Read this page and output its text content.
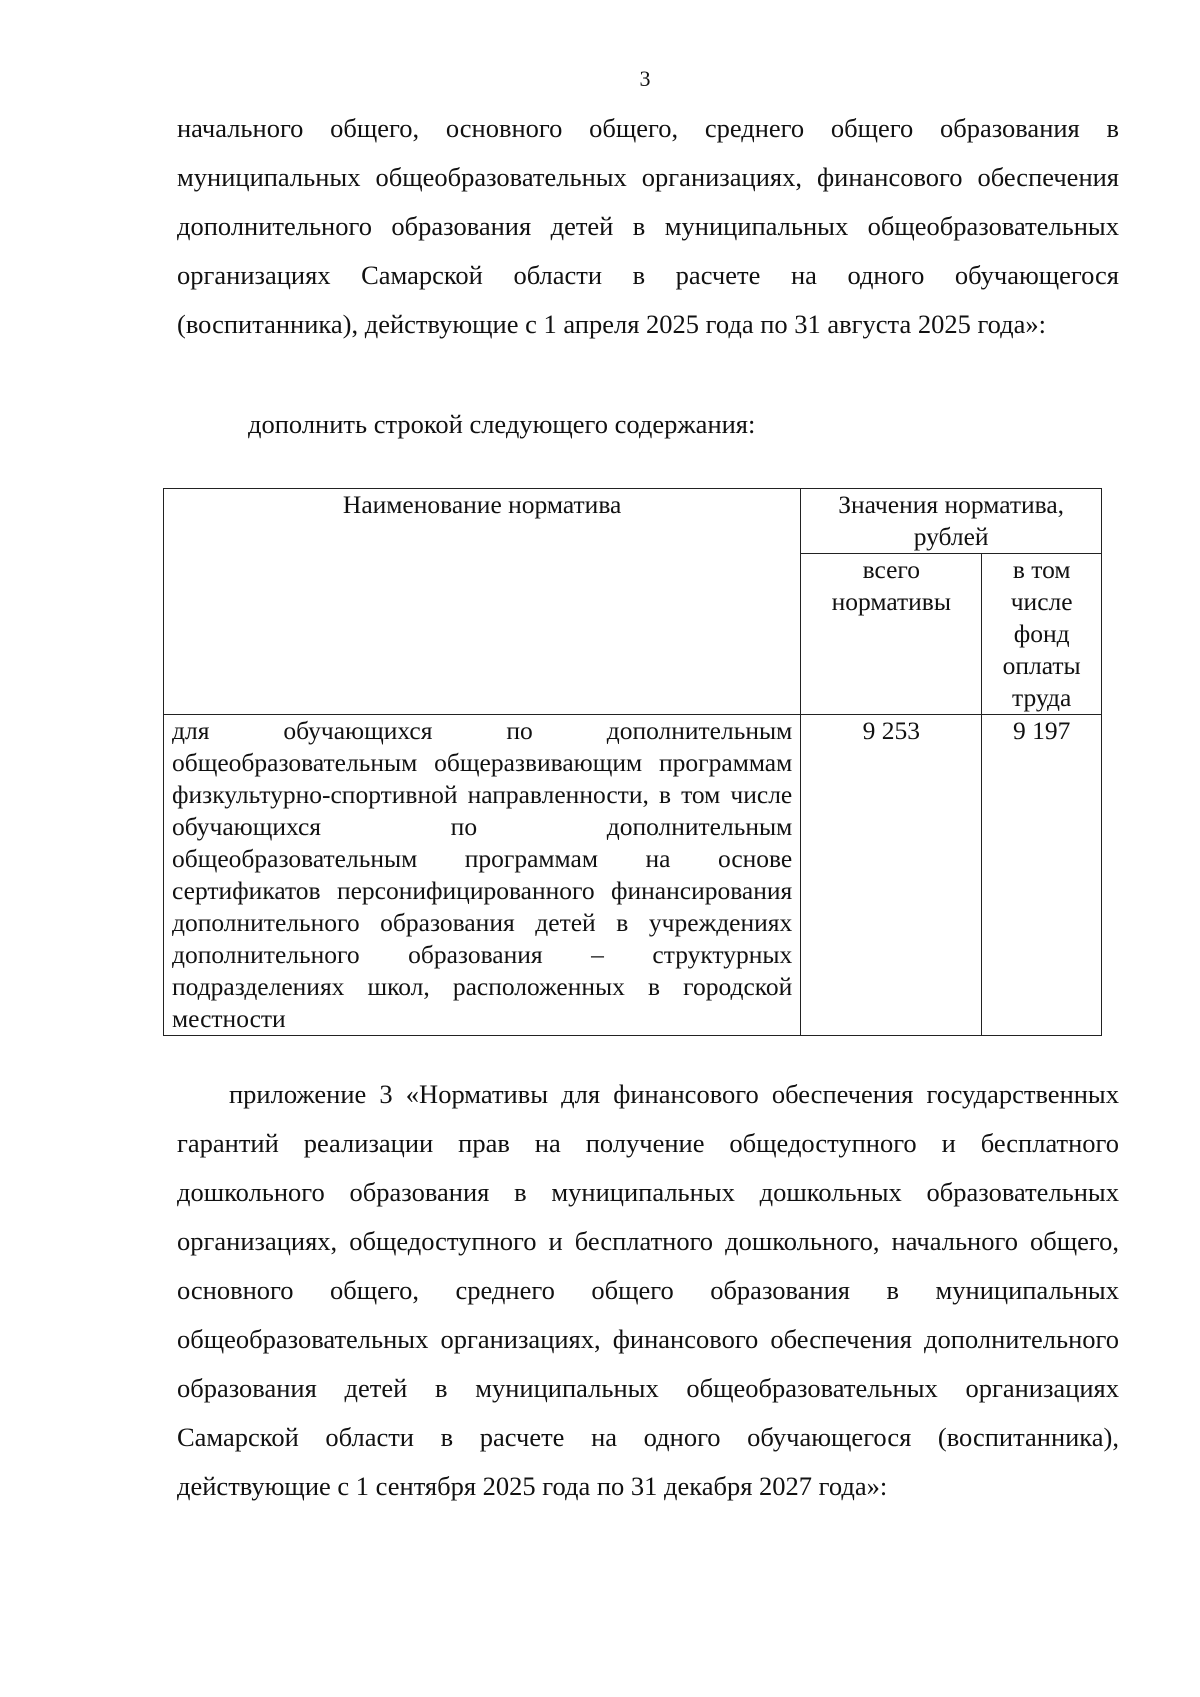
3

начального общего, основного общего, среднего общего образования в муниципальных общеобразовательных организациях, финансового обеспечения дополнительного образования детей в муниципальных общеобразовательных организациях Самарской области в расчете на одного обучающегося (воспитанника), действующие с 1 апреля 2025 года по 31 августа 2025 года»:

дополнить строкой следующего содержания:

Наименование норматива	Значения норматива, рублей	
	всего нормативы	в том числе фонд оплаты труда
для обучающихся по дополнительным общеобразовательным общеразвивающим программам физкультурно-спортивной направленности, в том числе обучающихся по дополнительным общеобразовательным программам на основе сертификатов персонифицированного финансирования дополнительного образования детей в учреждениях дополнительного образования – структурных подразделениях школ, расположенных в городской местности	9 253	9 197

приложение 3 «Нормативы для финансового обеспечения государственных гарантий реализации прав на получение общедоступного и бесплатного дошкольного образования в муниципальных дошкольных образовательных организациях, общедоступного и бесплатного дошкольного, начального общего, основного общего, среднего общего образования в муниципальных общеобразовательных организациях, финансового обеспечения дополнительного образования детей в муниципальных общеобразовательных организациях Самарской области в расчете на одного обучающегося (воспитанника), действующие с 1 сентября 2025 года по 31 декабря 2027 года»:
